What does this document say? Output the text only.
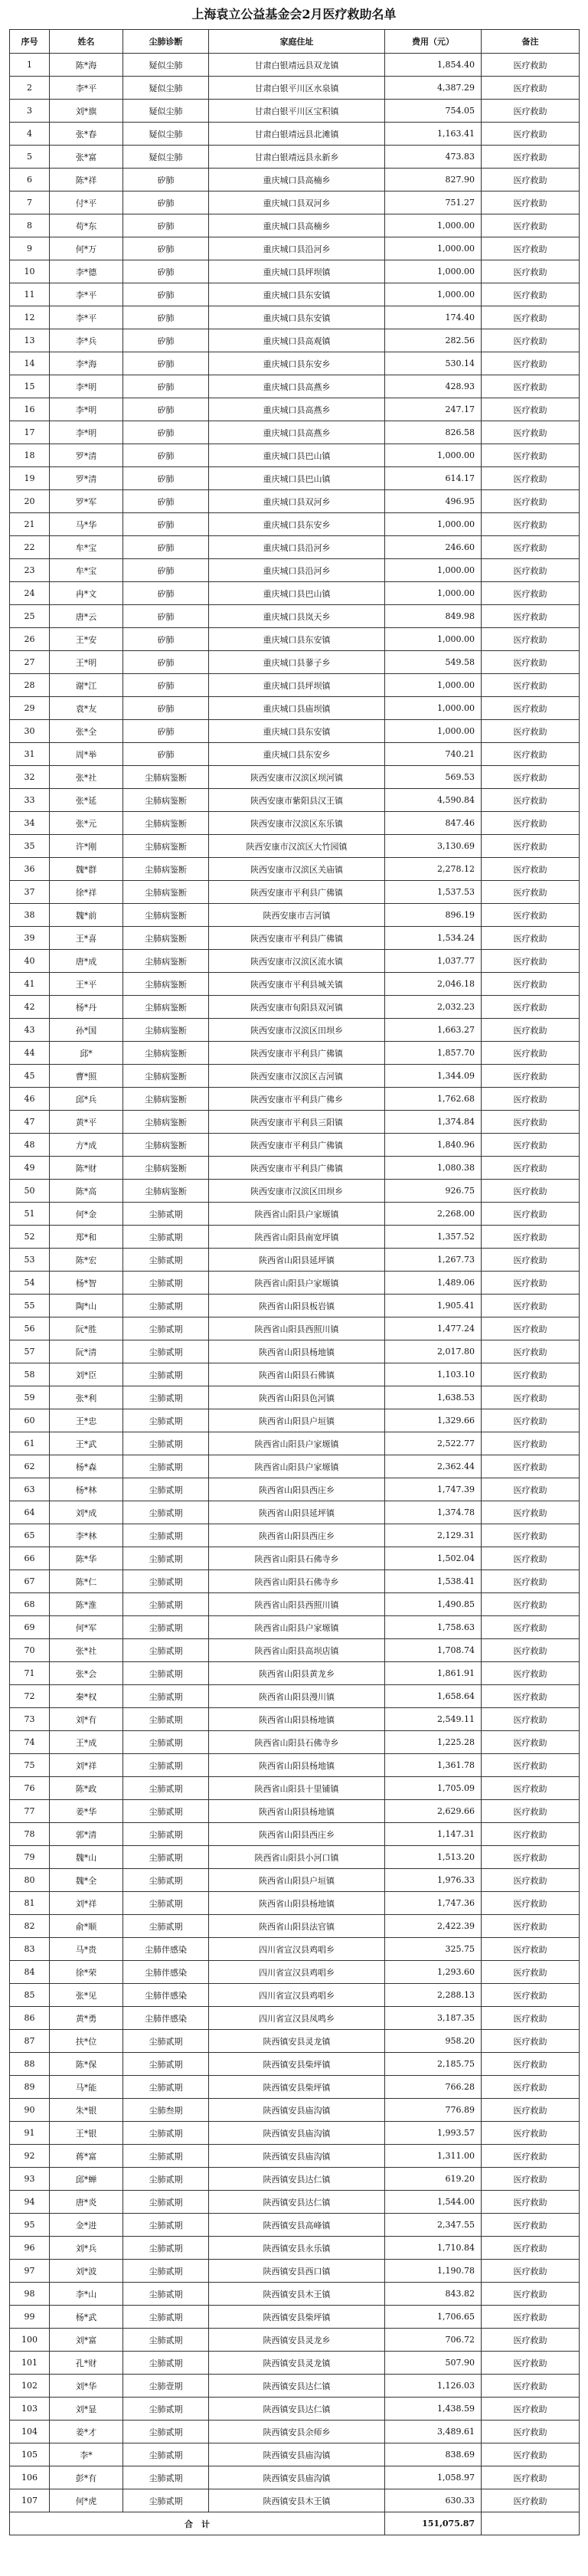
上海袁立公益基金会2月医疗救助名单
序号	姓名	尘肺诊断	家庭住址	费用（元）	备注
1	陈*海	疑似尘肺	甘肃白银靖远县双龙镇	1,854.40	医疗救助
2	李*平	疑似尘肺	甘肃白银平川区水泉镇	4,387.29	医疗救助
3	刘*旗	疑似尘肺	甘肃白银平川区宝积镇	754.05	医疗救助
4	张*春	疑似尘肺	甘肃白银靖远县北滩镇	1,163.41	医疗救助
5	张*富	疑似尘肺	甘肃白银靖远县永新乡	473.83	医疗救助
6	陈*祥	矽肺	重庆城口县高楠乡	827.90	医疗救助
7	付*平	矽肺	重庆城口县双河乡	751.27	医疗救助
8	苟*东	矽肺	重庆城口县高楠乡	1,000.00	医疗救助
9	何*万	矽肺	重庆城口县沿河乡	1,000.00	医疗救助
10	李*德	矽肺	重庆城口县坪坝镇	1,000.00	医疗救助
11	李*平	矽肺	重庆城口县东安镇	1,000.00	医疗救助
12	李*平	矽肺	重庆城口县东安镇	174.40	医疗救助
13	李*兵	矽肺	重庆城口县高观镇	282.56	医疗救助
14	李*海	矽肺	重庆城口县东安乡	530.14	医疗救助
15	李*明	矽肺	重庆城口县高燕乡	428.93	医疗救助
16	李*明	矽肺	重庆城口县高燕乡	247.17	医疗救助
17	李*明	矽肺	重庆城口县高燕乡	826.58	医疗救助
18	罗*清	矽肺	重庆城口县巴山镇	1,000.00	医疗救助
19	罗*清	矽肺	重庆城口县巴山镇	614.17	医疗救助
20	罗*军	矽肺	重庆城口县双河乡	496.95	医疗救助
21	马*华	矽肺	重庆城口县东安乡	1,000.00	医疗救助
22	牟*宝	矽肺	重庆城口县沿河乡	246.60	医疗救助
23	牟*宝	矽肺	重庆城口县沿河乡	1,000.00	医疗救助
24	冉*文	矽肺	重庆城口县巴山镇	1,000.00	医疗救助
25	唐*云	矽肺	重庆城口县岚天乡	849.98	医疗救助
26	王*安	矽肺	重庆城口县东安镇	1,000.00	医疗救助
27	王*明	矽肺	重庆城口县蓼子乡	549.58	医疗救助
28	谢*江	矽肺	重庆城口县坪坝镇	1,000.00	医疗救助
29	袁*友	矽肺	重庆城口县庙坝镇	1,000.00	医疗救助
30	张*全	矽肺	重庆城口县东安镇	1,000.00	医疗救助
31	周*举	矽肺	重庆城口县东安乡	740.21	医疗救助
32	张*社	尘肺病鉴断	陕西安康市汉滨区坝河镇	569.53	医疗救助
33	张*延	尘肺病鉴断	陕西安康市紫阳县汉王镇	4,590.84	医疗救助
34	张*元	尘肺病鉴断	陕西安康市汉滨区东乐镇	847.46	医疗救助
35	许*刚	尘肺病鉴断	陕西安康市汉滨区大竹园镇	3,130.69	医疗救助
36	魏*群	尘肺病鉴断	陕西安康市汉滨区关庙镇	2,278.12	医疗救助
37	徐*祥	尘肺病鉴断	陕西安康市平利县广佛镇	1,537.53	医疗救助
38	魏*前	尘肺病鉴断	陕西安康市吉河镇	896.19	医疗救助
39	王*喜	尘肺病鉴断	陕西安康市平利县广佛镇	1,534.24	医疗救助
40	唐*成	尘肺病鉴断	陕西安康市汉滨区流水镇	1,037.77	医疗救助
41	王*平	尘肺病鉴断	陕西安康市平利县城关镇	2,046.18	医疗救助
42	杨*丹	尘肺病鉴断	陕西安康市旬阳县双河镇	2,032.23	医疗救助
43	孙*国	尘肺病鉴断	陕西安康市汉滨区田坝乡	1,663.27	医疗救助
44	邱*	尘肺病鉴断	陕西安康市平利县广佛镇	1,857.70	医疗救助
45	曹*照	尘肺病鉴断	陕西安康市汉滨区吉河镇	1,344.09	医疗救助
46	邱*兵	尘肺病鉴断	陕西安康市平利县广佛乡	1,762.68	医疗救助
47	黄*平	尘肺病鉴断	陕西安康市平利县三阳镇	1,374.84	医疗救助
48	方*成	尘肺病鉴断	陕西安康市平利县广佛镇	1,840.96	医疗救助
49	陈*财	尘肺病鉴断	陕西安康市平利县广佛镇	1,080.38	医疗救助
50	陈*高	尘肺病鉴断	陕西安康市汉滨区田坝乡	926.75	医疗救助
51	何*金	尘肺贰期	陕西省山阳县户家塬镇	2,268.00	医疗救助
52	郑*和	尘肺贰期	陕西省山阳县南宽坪镇	1,357.52	医疗救助
53	陈*宏	尘肺贰期	陕西省山阳县延坪镇	1,267.73	医疗救助
54	杨*智	尘肺贰期	陕西省山阳县户家塬镇	1,489.06	医疗救助
55	陶*山	尘肺贰期	陕西省山阳县板岩镇	1,905.41	医疗救助
56	阮*胜	尘肺贰期	陕西省山阳县西照川镇	1,477.24	医疗救助
57	阮*清	尘肺贰期	陕西省山阳县杨地镇	2,017.80	医疗救助
58	刘*臣	尘肺贰期	陕西省山阳县石佛镇	1,103.10	医疗救助
59	张*利	尘肺贰期	陕西省山阳县色河镇	1,638.53	医疗救助
60	王*忠	尘肺贰期	陕西省山阳县户垣镇	1,329.66	医疗救助
61	王*武	尘肺贰期	陕西省山阳县户家塬镇	2,522.77	医疗救助
62	杨*森	尘肺贰期	陕西省山阳县户家塬镇	2,362.44	医疗救助
63	杨*林	尘肺贰期	陕西省山阳县西庄乡	1,747.39	医疗救助
64	刘*成	尘肺贰期	陕西省山阳县延坪镇	1,374.78	医疗救助
65	李*林	尘肺贰期	陕西省山阳县西庄乡	2,129.31	医疗救助
66	陈*华	尘肺贰期	陕西省山阳县石佛寺乡	1,502.04	医疗救助
67	陈*仁	尘肺贰期	陕西省山阳县石佛寺乡	1,538.41	医疗救助
68	陈*淮	尘肺贰期	陕西省山阳县西照川镇	1,490.85	医疗救助
69	何*军	尘肺贰期	陕西省山阳县户家塬镇	1,758.63	医疗救助
70	张*社	尘肺贰期	陕西省山阳县高坝店镇	1,708.74	医疗救助
71	张*会	尘肺贰期	陕西省山阳县黄龙乡	1,861.91	医疗救助
72	秦*权	尘肺贰期	陕西省山阳县漫川镇	1,658.64	医疗救助
73	刘*有	尘肺贰期	陕西省山阳县杨地镇	2,549.11	医疗救助
74	王*成	尘肺贰期	陕西省山阳县石佛寺乡	1,225.28	医疗救助
75	刘*祥	尘肺贰期	陕西省山阳县杨地镇	1,361.78	医疗救助
76	陈*政	尘肺贰期	陕西省山阳县十里铺镇	1,705.09	医疗救助
77	姜*华	尘肺贰期	陕西省山阳县杨地镇	2,629.66	医疗救助
78	郭*清	尘肺贰期	陕西省山阳县西庄乡	1,147.31	医疗救助
79	魏*山	尘肺贰期	陕西省山阳县小河口镇	1,513.20	医疗救助
80	魏*全	尘肺贰期	陕西省山阳县户垣镇	1,976.33	医疗救助
81	刘*祥	尘肺贰期	陕西省山阳县杨地镇	1,747.36	医疗救助
82	俞*顺	尘肺贰期	陕西省山阳县法官镇	2,422.39	医疗救助
83	马*贵	尘肺伴感染	四川省宣汉县鸡唱乡	325.75	医疗救助
84	徐*荣	尘肺伴感染	四川省宣汉县鸡唱乡	1,293.60	医疗救助
85	张*见	尘肺伴感染	四川省宣汉县鸡唱乡	2,288.13	医疗救助
86	黄*勇	尘肺伴感染	四川省宣汉县凤鸣乡	3,187.35	医疗救助
87	扶*位	尘肺贰期	陕西镇安县灵龙镇	958.20	医疗救助
88	陈*保	尘肺贰期	陕西镇安县柴坪镇	2,185.75	医疗救助
89	马*能	尘肺贰期	陕西镇安县柴坪镇	766.28	医疗救助
90	朱*银	尘肺叁期	陕西镇安县庙沟镇	776.89	医疗救助
91	王*银	尘肺贰期	陕西镇安县庙沟镇	1,993.57	医疗救助
92	蒋*富	尘肺贰期	陕西镇安县庙沟镇	1,311.00	医疗救助
93	邱*蝉	尘肺贰期	陕西镇安县达仁镇	619.20	医疗救助
94	唐*炎	尘肺贰期	陕西镇安县达仁镇	1,544.00	医疗救助
95	金*进	尘肺贰期	陕西镇安县高峰镇	2,347.55	医疗救助
96	刘*兵	尘肺贰期	陕西镇安县永乐镇	1,710.84	医疗救助
97	刘*波	尘肺贰期	陕西镇安县西口镇	1,190.78	医疗救助
98	李*山	尘肺贰期	陕西镇安县木王镇	843.82	医疗救助
99	杨*武	尘肺贰期	陕西镇安县柴坪镇	1,706.65	医疗救助
100	刘*富	尘肺贰期	陕西镇安县灵龙乡	706.72	医疗救助
101	孔*财	尘肺贰期	陕西镇安县灵龙镇	507.90	医疗救助
102	刘*华	尘肺壹期	陕西镇安县达仁镇	1,126.03	医疗救助
103	刘*显	尘肺贰期	陕西镇安县达仁镇	1,438.59	医疗救助
104	姜*才	尘肺贰期	陕西镇安县余师乡	3,489.61	医疗救助
105	李*	尘肺贰期	陕西镇安县庙沟镇	838.69	医疗救助
106	彭*有	尘肺贰期	陕西镇安县庙沟镇	1,058.97	医疗救助
107	何*虎	尘肺贰期	陕西镇安县木王镇	630.33	医疗救助
合　计				151,075.87	
